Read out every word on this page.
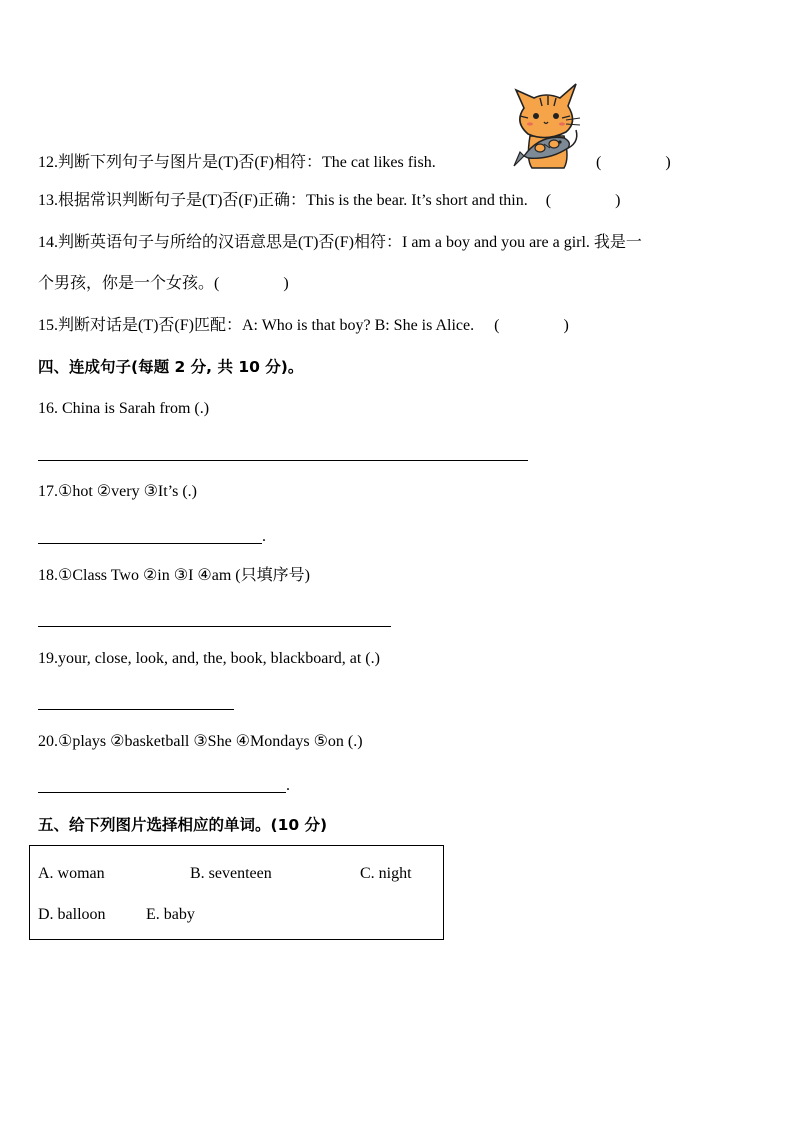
12.判断下列句子与图片是(T)否(F)相符：The cat likes fish.	(　　　　)
13.根据常识判断句子是(T)否(F)正确：This is the bear. It’s short and thin. (　　　　)
14.判断英语句子与所给的汉语意思是(T)否(F)相符：I am a boy and you are a girl. 我是一
个男孩，你是一个女孩。(　　　　)
15.判断对话是(T)否(F)匹配：A: Who is that boy? B: She is Alice. (　　　　)
四、连成句子(每题 2 分, 共 10 分)。
16. China is Sarah from (.)
17.①hot ②very ③It’s (.)
.
18.①Class Two ②in ③I ④am (只填序号)
19.your, close, look, and, the, book, blackboard, at (.)
20.①plays ②basketball ③She ④Mondays ⑤on (.)
.
五、给下列图片选择相应的单词。(10 分)
A. woman	B. seventeen	C. night
D. balloon	E. baby
